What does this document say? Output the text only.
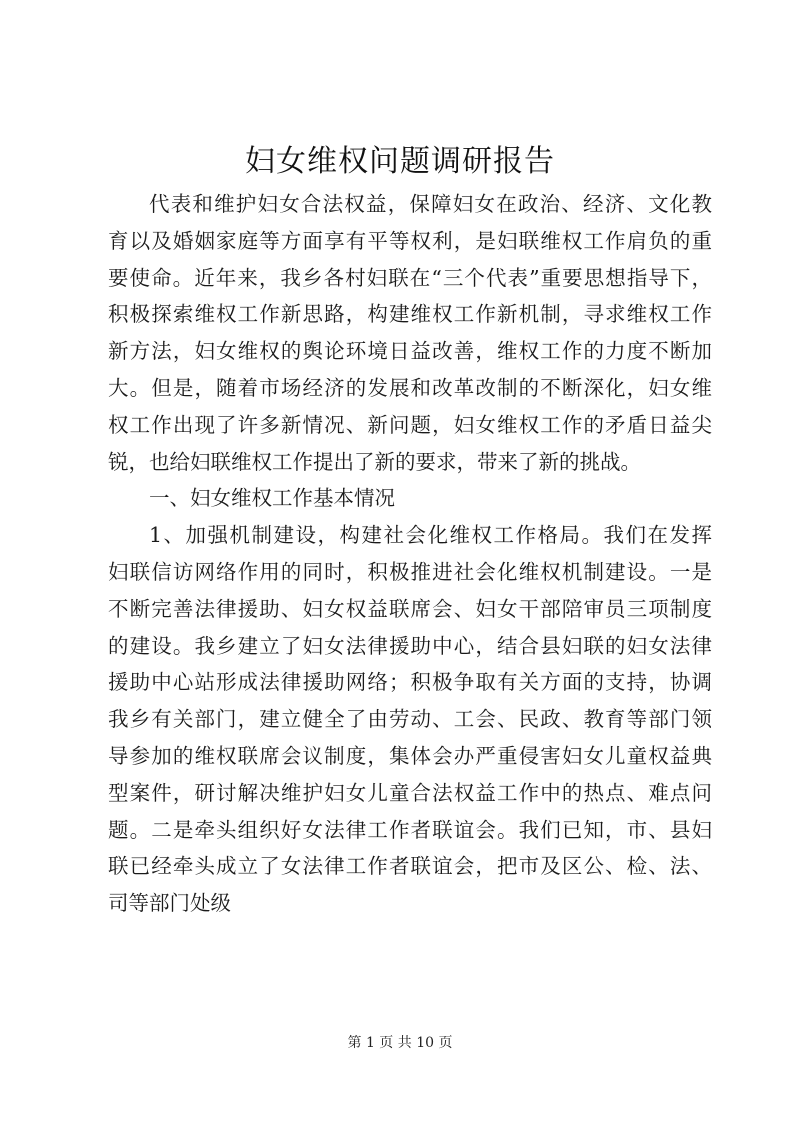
妇女维权问题调研报告
代表和维护妇女合法权益，保障妇女在政治、经济、文化教
育以及婚姻家庭等方面享有平等权利，是妇联维权工作肩负的重
要使命。近年来，我乡各村妇联在“三个代表”重要思想指导下，
积极探索维权工作新思路，构建维权工作新机制，寻求维权工作
新方法，妇女维权的舆论环境日益改善，维权工作的力度不断加
大。但是，随着市场经济的发展和改革改制的不断深化，妇女维
权工作出现了许多新情况、新问题，妇女维权工作的矛盾日益尖
锐，也给妇联维权工作提出了新的要求，带来了新的挑战。
一、妇女维权工作基本情况
1、加强机制建设，构建社会化维权工作格局。我们在发挥
妇联信访网络作用的同时，积极推进社会化维权机制建设。一是
不断完善法律援助、妇女权益联席会、妇女干部陪审员三项制度
的建设。我乡建立了妇女法律援助中心，结合县妇联的妇女法律
援助中心站形成法律援助网络；积极争取有关方面的支持，协调
我乡有关部门，建立健全了由劳动、工会、民政、教育等部门领
导参加的维权联席会议制度，集体会办严重侵害妇女儿童权益典
型案件，研讨解决维护妇女儿童合法权益工作中的热点、难点问
题。二是牵头组织好女法律工作者联谊会。我们已知，市、县妇
联已经牵头成立了女法律工作者联谊会，把市及区公、检、法、
司等部门处级
第 1 页 共 10 页
